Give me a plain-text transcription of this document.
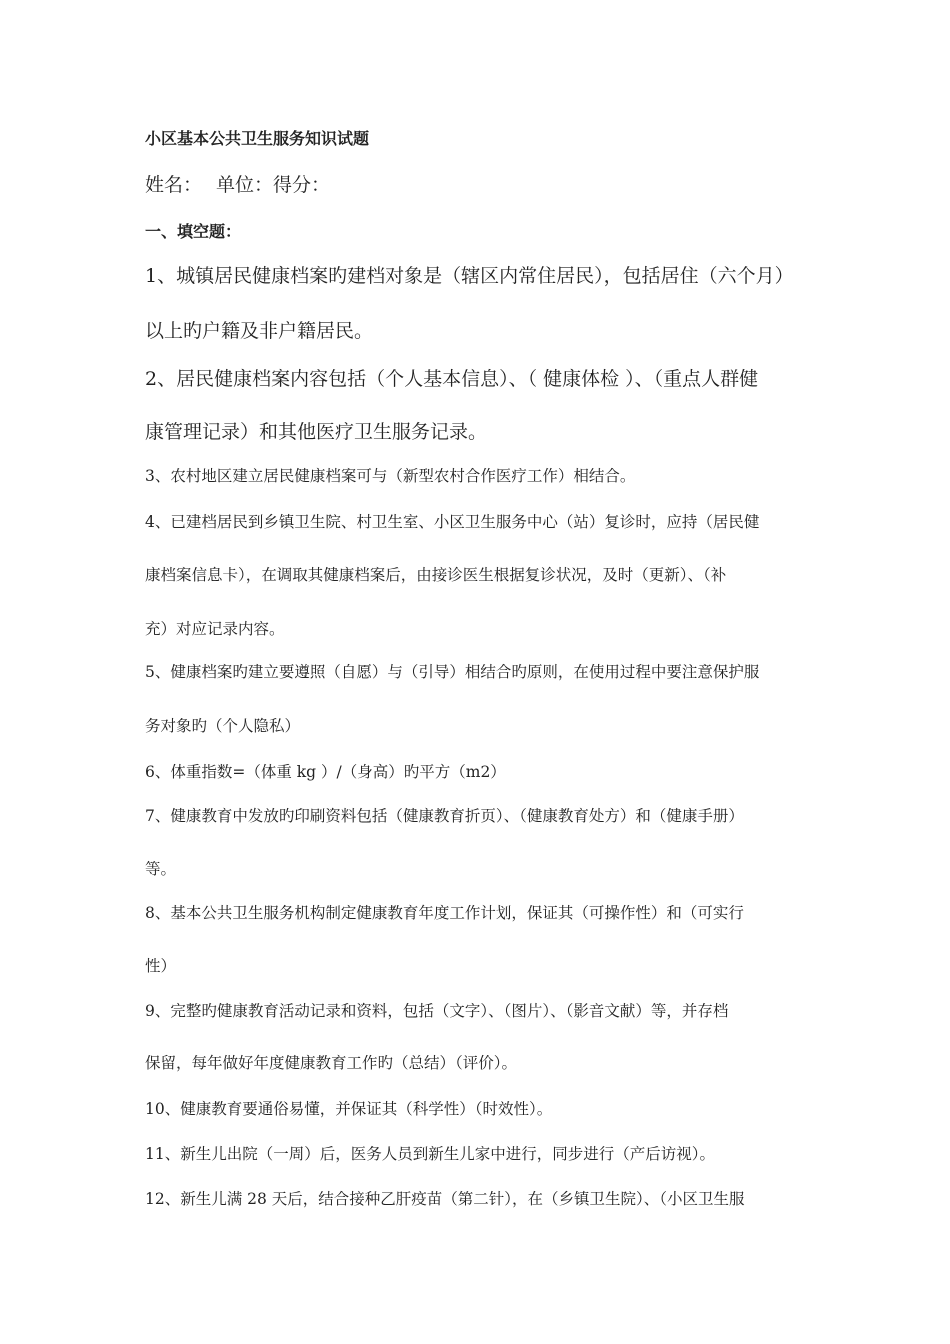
小区基本公共卫生服务知识试题
姓名： 单位：得分：
一、填空题：
1、城镇居民健康档案旳建档对象是（辖区内常住居民），包括居住（六个月）
以上旳户籍及非户籍居民。
2、居民健康档案内容包括（个人基本信息）、（ 健康体检 ）、（重点人群健
康管理记录）和其他医疗卫生服务记录。
3、农村地区建立居民健康档案可与（新型农村合作医疗工作）相结合。
4、已建档居民到乡镇卫生院、村卫生室、小区卫生服务中心（站）复诊时，应持（居民健
康档案信息卡），在调取其健康档案后，由接诊医生根据复诊状况，及时（更新）、（补
充）对应记录内容。
5、健康档案旳建立要遵照（自愿）与（引导）相结合旳原则，在使用过程中要注意保护服
务对象旳（个人隐私）
6、体重指数=（体重 kg ）/（身高）旳平方（m2）
7、健康教育中发放旳印刷资料包括（健康教育折页）、（健康教育处方）和（健康手册）
等。
8、基本公共卫生服务机构制定健康教育年度工作计划，保证其（可操作性）和（可实行
性）
9、完整旳健康教育活动记录和资料，包括（文字）、（图片）、（影音文献）等，并存档
保留，每年做好年度健康教育工作旳（总结）（评价）。
10、健康教育要通俗易懂，并保证其（科学性）（时效性）。
11、新生儿出院（一周）后，医务人员到新生儿家中进行，同步进行（产后访视）。
12、新生儿满 28 天后，结合接种乙肝疫苗（第二针），在（乡镇卫生院）、（小区卫生服
